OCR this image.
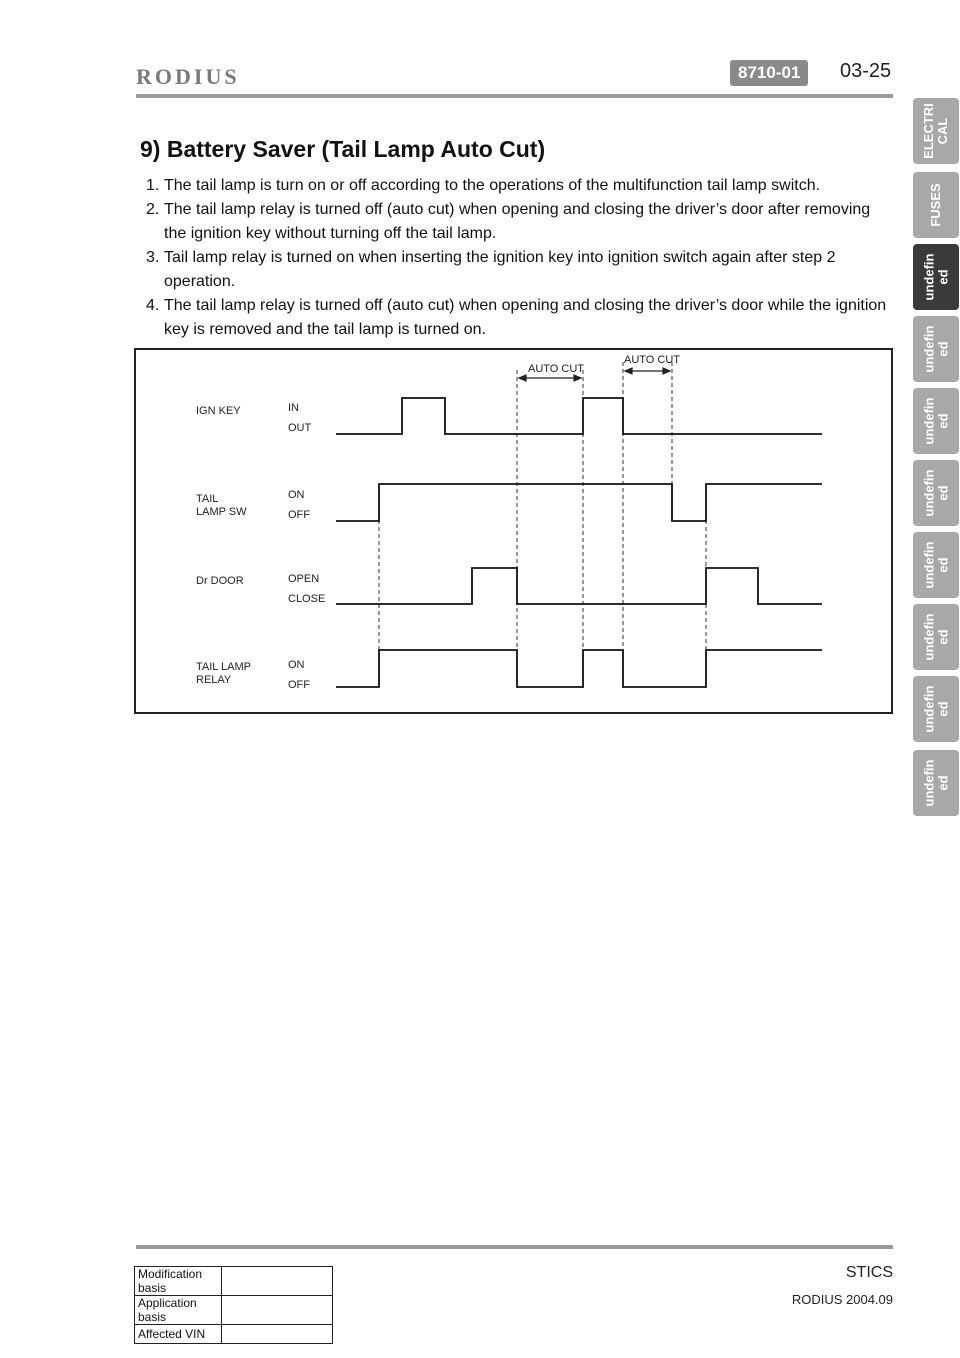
RODIUS	8710-01	03-25
9) Battery Saver (Tail Lamp Auto Cut)
1. The tail lamp is turn on or off according to the operations of the multifunction tail lamp switch.
2. The tail lamp relay is turned off (auto cut) when opening and closing the driver’s door after removing the ignition key without turning off the tail lamp.
3. Tail lamp relay is turned on when inserting the ignition key into ignition switch again after step 2 operation.
4. The tail lamp relay is turned off (auto cut) when opening and closing the driver’s door while the ignition key is removed and the tail lamp is turned on.
AUTO CUT
AUTO CUT
IGN KEY
TAIL
LAMP SW
Dr DOOR
TAIL LAMP
RELAY
IN
OUT
ON
OFF
OPEN
CLOSE
ON
OFF
ELECTRI CAL
FUSES
undefin ed
undefin ed
undefin ed
undefin ed
undefin ed
undefin ed
undefin ed
undefin ed
STICS
RODIUS 2004.09
Modification basis	
Application basis	
Affected VIN	
